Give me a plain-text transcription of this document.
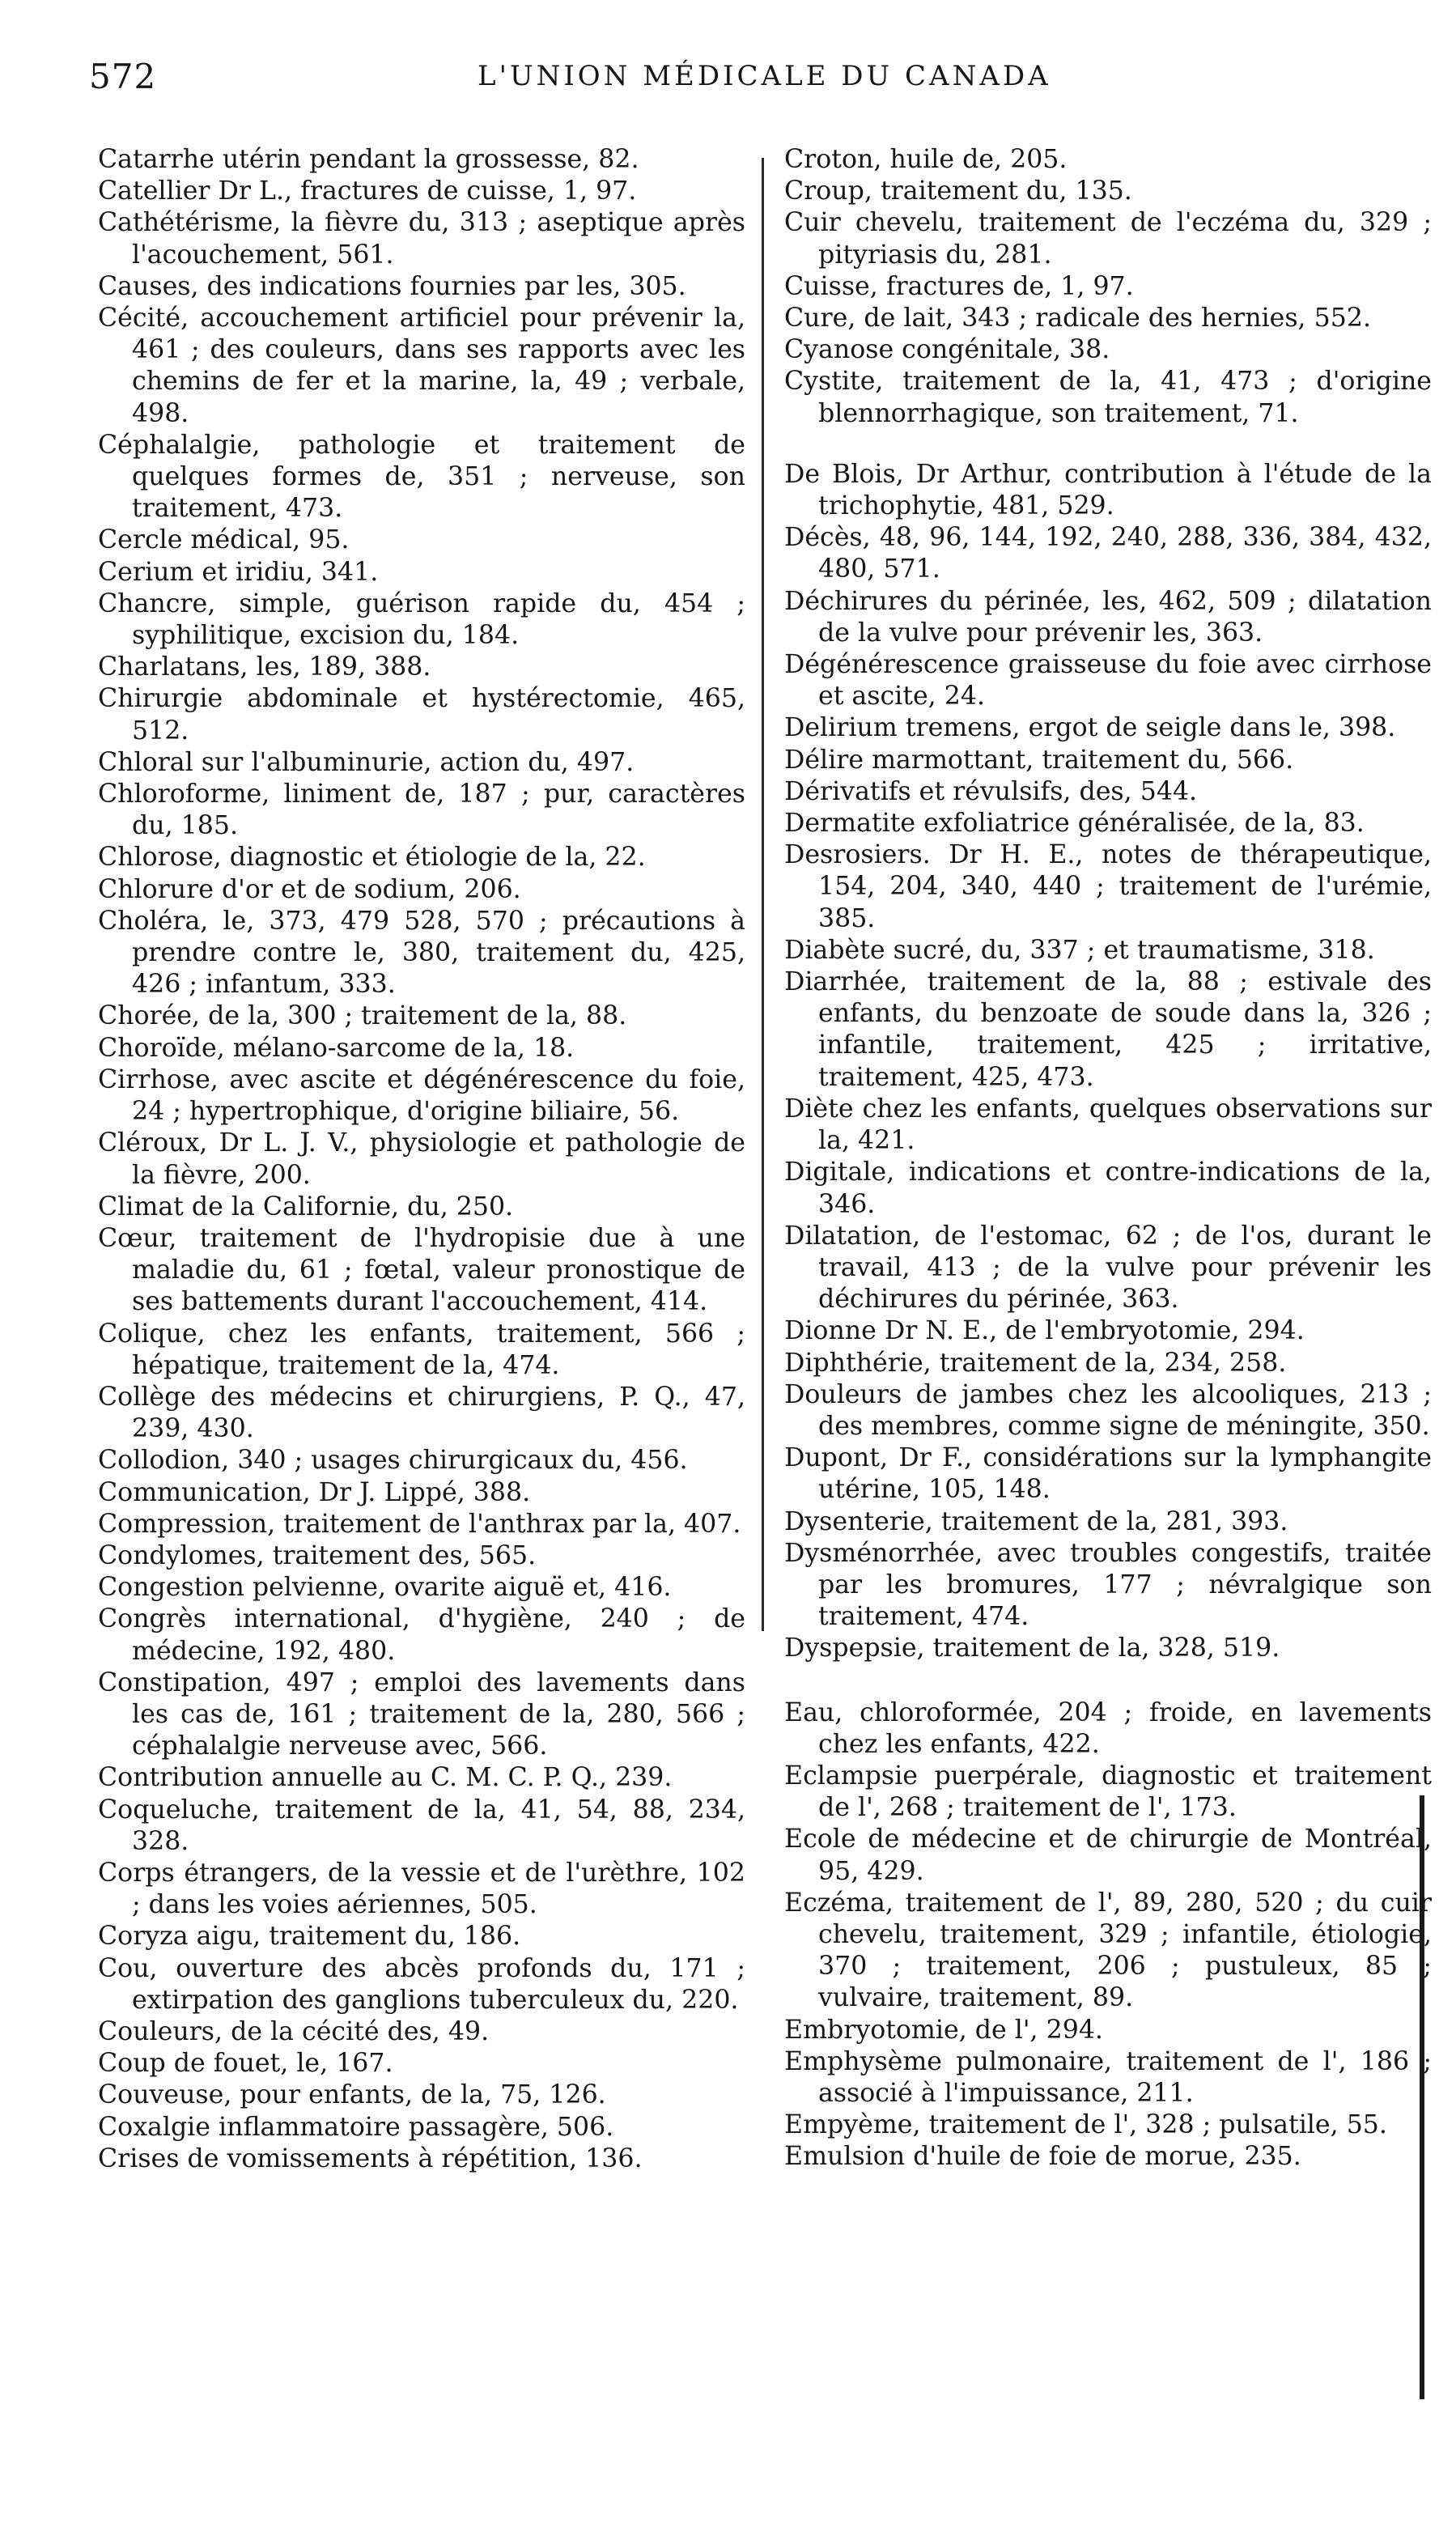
572	L'UNION MÉDICALE DU CANADA
Catarrhe utérin pendant la grossesse, 82.
Catellier Dr L., fractures de cuisse, 1, 97.
Cathétérisme, la fièvre du, 313 ; aseptique après l'acouchement, 561.
Causes, des indications fournies par les, 305.
Cécité, accouchement artificiel pour prévenir la, 461 ; des couleurs, dans ses rapports avec les chemins de fer et la marine, la, 49 ; verbale, 498.
Céphalalgie, pathologie et traitement de quelques formes de, 351 ; nerveuse, son traitement, 473.
Cercle médical, 95.
Cerium et iridiu, 341.
Chancre, simple, guérison rapide du, 454 ; syphilitique, excision du, 184.
Charlatans, les, 189, 388.
Chirurgie abdominale et hystérectomie, 465, 512.
Chloral sur l'albuminurie, action du, 497.
Chloroforme, liniment de, 187 ; pur, caractères du, 185.
Chlorose, diagnostic et étiologie de la, 22.
Chlorure d'or et de sodium, 206.
Choléra, le, 373, 479 528, 570 ; précautions à prendre contre le, 380, traitement du, 425, 426 ; infantum, 333.
Chorée, de la, 300 ; traitement de la, 88.
Choroïde, mélano-sarcome de la, 18.
Cirrhose, avec ascite et dégénérescence du foie, 24 ; hypertrophique, d'origine biliaire, 56.
Cléroux, Dr L. J. V., physiologie et pathologie de la fièvre, 200.
Climat de la Californie, du, 250.
Cœur, traitement de l'hydropisie due à une maladie du, 61 ; fœtal, valeur pronostique de ses battements durant l'accouchement, 414.
Colique, chez les enfants, traitement, 566 ; hépatique, traitement de la, 474.
Collège des médecins et chirurgiens, P. Q., 47, 239, 430.
Collodion, 340 ; usages chirurgicaux du, 456.
Communication, Dr J. Lippé, 388.
Compression, traitement de l'anthrax par la, 407.
Condylomes, traitement des, 565.
Congestion pelvienne, ovarite aiguë et, 416.
Congrès international, d'hygiène, 240 ; de médecine, 192, 480.
Constipation, 497 ; emploi des lavements dans les cas de, 161 ; traitement de la, 280, 566 ; céphalalgie nerveuse avec, 566.
Contribution annuelle au C. M. C. P. Q., 239.
Coqueluche, traitement de la, 41, 54, 88, 234, 328.
Corps étrangers, de la vessie et de l'urèthre, 102 ; dans les voies aériennes, 505.
Coryza aigu, traitement du, 186.
Cou, ouverture des abcès profonds du, 171 ; extirpation des ganglions tuberculeux du, 220.
Couleurs, de la cécité des, 49.
Coup de fouet, le, 167.
Couveuse, pour enfants, de la, 75, 126.
Coxalgie inflammatoire passagère, 506.
Crises de vomissements à répétition, 136.
Croton, huile de, 205.
Croup, traitement du, 135.
Cuir chevelu, traitement de l'eczéma du, 329 ; pityriasis du, 281.
Cuisse, fractures de, 1, 97.
Cure, de lait, 343 ; radicale des hernies, 552.
Cyanose congénitale, 38.
Cystite, traitement de la, 41, 473 ; d'origine blennorrhagique, son traitement, 71.
De Blois, Dr Arthur, contribution à l'étude de la trichophytie, 481, 529.
Décès, 48, 96, 144, 192, 240, 288, 336, 384, 432, 480, 571.
Déchirures du périnée, les, 462, 509 ; dilatation de la vulve pour prévenir les, 363.
Dégénérescence graisseuse du foie avec cirrhose et ascite, 24.
Delirium tremens, ergot de seigle dans le, 398.
Délire marmottant, traitement du, 566.
Dérivatifs et révulsifs, des, 544.
Dermatite exfoliatrice généralisée, de la, 83.
Desrosiers. Dr H. E., notes de thérapeutique, 154, 204, 340, 440 ; traitement de l'urémie, 385.
Diabète sucré, du, 337 ; et traumatisme, 318.
Diarrhée, traitement de la, 88 ; estivale des enfants, du benzoate de soude dans la, 326 ; infantile, traitement, 425 ; irritative, traitement, 425, 473.
Diète chez les enfants, quelques observations sur la, 421.
Digitale, indications et contre-indications de la, 346.
Dilatation, de l'estomac, 62 ; de l'os, durant le travail, 413 ; de la vulve pour prévenir les déchirures du périnée, 363.
Dionne Dr N. E., de l'embryotomie, 294.
Diphthérie, traitement de la, 234, 258.
Douleurs de jambes chez les alcooliques, 213 ; des membres, comme signe de méningite, 350.
Dupont, Dr F., considérations sur la lymphangite utérine, 105, 148.
Dysenterie, traitement de la, 281, 393.
Dysménorrhée, avec troubles congestifs, traitée par les bromures, 177 ; névralgique son traitement, 474.
Dyspepsie, traitement de la, 328, 519.
Eau, chloroformée, 204 ; froide, en lavements chez les enfants, 422.
Eclampsie puerpérale, diagnostic et traitement de l', 268 ; traitement de l', 173.
Ecole de médecine et de chirurgie de Montréal, 95, 429.
Eczéma, traitement de l', 89, 280, 520 ; du cuir chevelu, traitement, 329 ; infantile, étiologie, 370 ; traitement, 206 ; pustuleux, 85 ; vulvaire, traitement, 89.
Embryotomie, de l', 294.
Emphysème pulmonaire, traitement de l', 186 ; associé à l'impuissance, 211.
Empyème, traitement de l', 328 ; pulsatile, 55.
Emulsion d'huile de foie de morue, 235.
